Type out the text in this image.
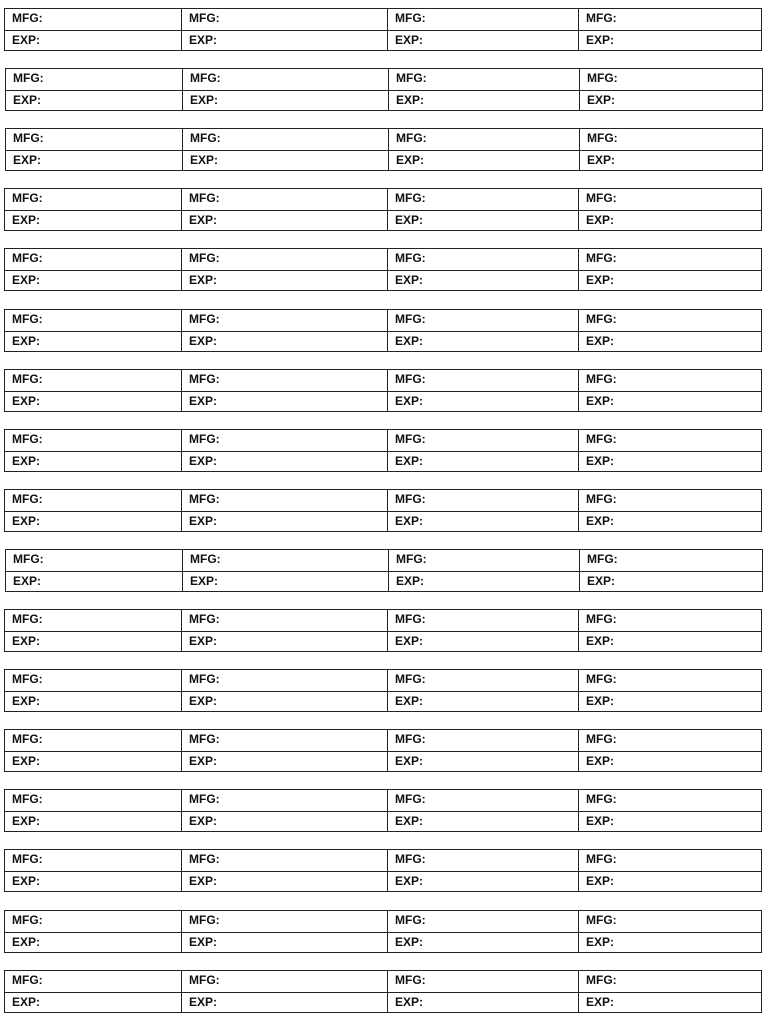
MFG:
EXP:
MFG:
EXP:
MFG:
EXP:
MFG:
EXP:
MFG:
EXP:
MFG:
EXP:
MFG:
EXP:
MFG:
EXP:
MFG:
EXP:
MFG:
EXP:
MFG:
EXP:
MFG:
EXP:
MFG:
EXP:
MFG:
EXP:
MFG:
EXP:
MFG:
EXP:
MFG:
EXP:
MFG:
EXP:
MFG:
EXP:
MFG:
EXP:
MFG:
EXP:
MFG:
EXP:
MFG:
EXP:
MFG:
EXP:
MFG:
EXP:
MFG:
EXP:
MFG:
EXP:
MFG:
EXP:
MFG:
EXP:
MFG:
EXP:
MFG:
EXP:
MFG:
EXP:
MFG:
EXP:
MFG:
EXP:
MFG:
EXP:
MFG:
EXP:
MFG:
EXP:
MFG:
EXP:
MFG:
EXP:
MFG:
EXP:
MFG:
EXP:
MFG:
EXP:
MFG:
EXP:
MFG:
EXP:
MFG:
EXP:
MFG:
EXP:
MFG:
EXP:
MFG:
EXP:
MFG:
EXP:
MFG:
EXP:
MFG:
EXP:
MFG:
EXP:
MFG:
EXP:
MFG:
EXP:
MFG:
EXP:
MFG:
EXP:
MFG:
EXP:
MFG:
EXP:
MFG:
EXP:
MFG:
EXP:
MFG:
EXP:
MFG:
EXP:
MFG:
EXP:
MFG:
EXP:
MFG:
EXP:
MFG:
EXP:
MFG:
EXP:
MFG:
EXP:
